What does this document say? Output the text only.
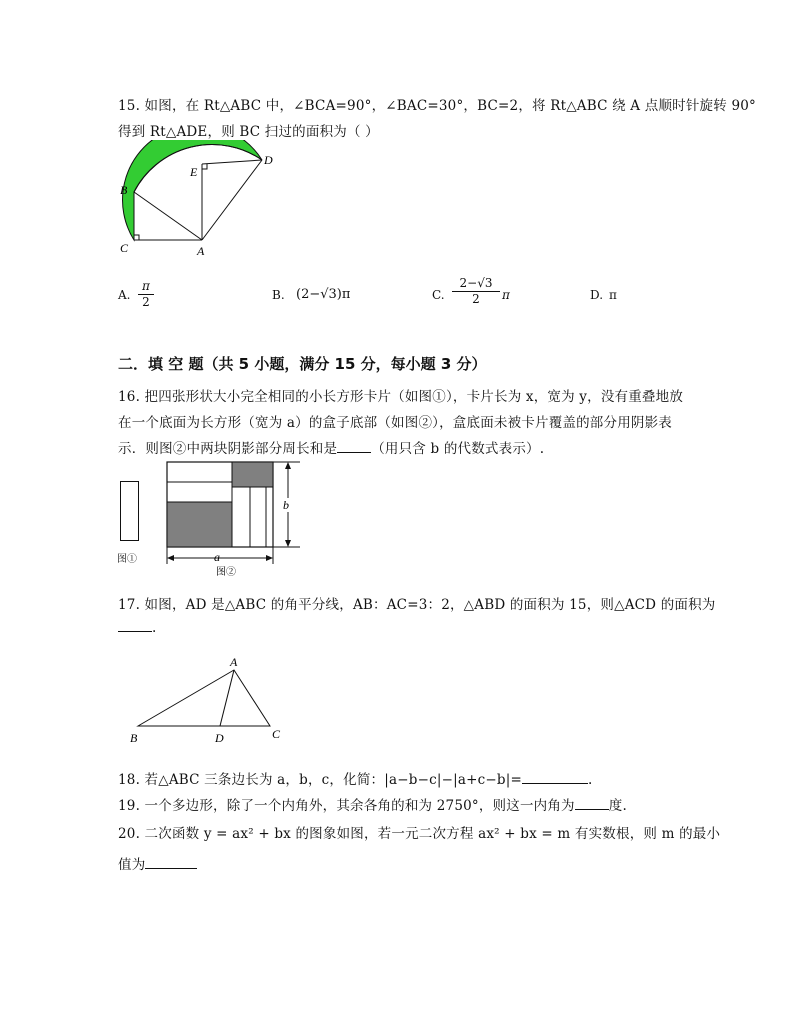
15. 如图，在 Rt△ABC 中，∠BCA=90°，∠BAC=30°，BC=2，将 Rt△ABC 绕 A 点顺时针旋转 90°
得到 Rt△ADE，则 BC 扫过的面积为（ ）
B
C	A
E
D
A.
π
2	B. (2−√3)π	C.
2−√3
2	π	D. π
二．填 空 题（共 5 小题，满分 15 分，每小题 3 分）
16. 把四张形状大小完全相同的小长方形卡片（如图①），卡片长为 x，宽为 y，没有重叠地放
在一个底面为长方形（宽为 a）的盒子底部（如图②），盒底面未被卡片覆盖的部分用阴影表
示．则图②中两块阴影部分周长和是	（用只含 b 的代数式表示）.
图①
b
a
图②
17. 如图，AD 是△ABC 的角平分线，AB：AC=3：2，△ABD 的面积为 15，则△ACD 的面积为
.
A
B	D	C
18. 若△ABC 三条边长为 a，b，c，化简：|a−b−c|−|a+c−b|=	.
19. 一个多边形，除了一个内角外，其余各角的和为 2750°，则这一内角为	度.
20. 二次函数 y = ax² + bx 的图象如图，若一元二次方程 ax² + bx = m 有实数根，则 m 的最小
值为
